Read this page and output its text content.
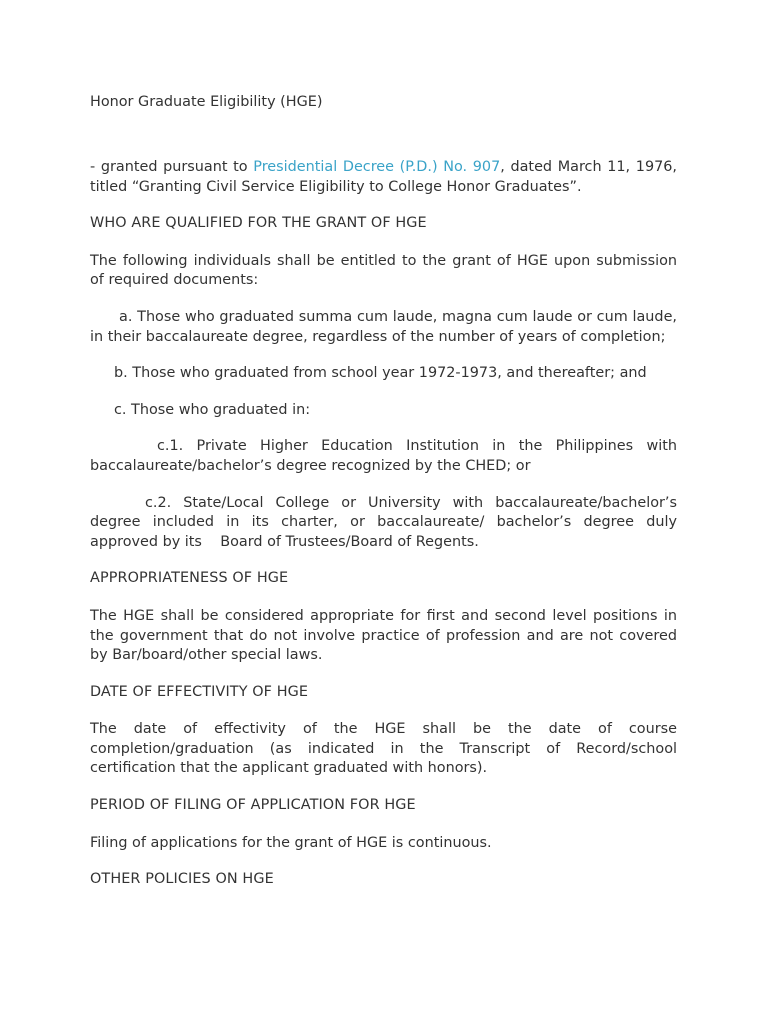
Honor Graduate Eligibility (HGE)

- granted pursuant to Presidential Decree (P.D.) No. 907, dated March 11, 1976, titled “Granting Civil Service Eligibility to College Honor Graduates”.

WHO ARE QUALIFIED FOR THE GRANT OF HGE

The following individuals shall be entitled to the grant of HGE upon submission of required documents:

a. Those who graduated summa cum laude, magna cum laude or cum laude, in their baccalaureate degree, regardless of the number of years of completion;

b. Those who graduated from school year 1972-1973, and thereafter; and

c. Those who graduated in:

c.1. Private Higher Education Institution in the Philippines with baccalaureate/bachelor’s degree recognized by the CHED; or

c.2. State/Local College or University with baccalaureate/bachelor’s degree included in its charter, or baccalaureate/ bachelor’s degree duly approved by its    Board of Trustees/Board of Regents.

APPROPRIATENESS OF HGE

The HGE shall be considered appropriate for first and second level positions in the government that do not involve practice of profession and are not covered by Bar/board/other special laws.

DATE OF EFFECTIVITY OF HGE

The date of effectivity of the HGE shall be the date of course completion/graduation (as indicated in the Transcript of Record/school certification that the applicant graduated with honors).

PERIOD OF FILING OF APPLICATION FOR HGE

Filing of applications for the grant of HGE is continuous.

OTHER POLICIES ON HGE
